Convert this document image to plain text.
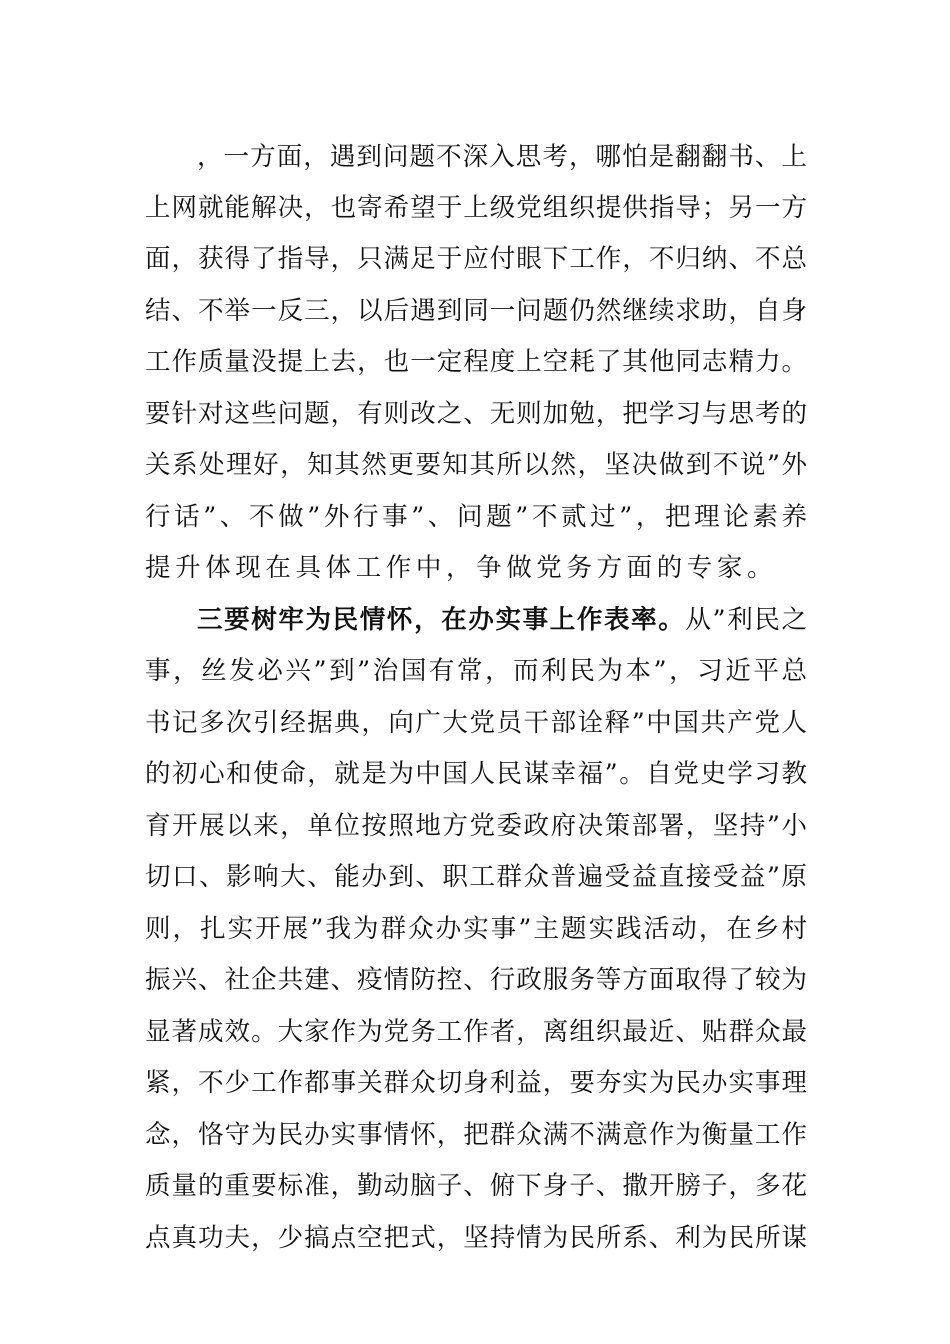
，一方面，遇到问题不深入思考，哪怕是翻翻书、上
上网就能解决，也寄希望于上级党组织提供指导；另一方
面，获得了指导，只满足于应付眼下工作，不归纳、不总
结、不举一反三，以后遇到同一问题仍然继续求助，自身
工作质量没提上去，也一定程度上空耗了其他同志精力。
要针对这些问题，有则改之、无则加勉，把学习与思考的
关系处理好，知其然更要知其所以然，坚决做到不说”外
行话”、不做”外行事”、问题”不贰过”，把理论素养
提升体现在具体工作中，争做党务方面的专家。
三要树牢为民情怀，在办实事上作表率。从”利民之
事，丝发必兴”到”治国有常，而利民为本”，习近平总
书记多次引经据典，向广大党员干部诠释”中国共产党人
的初心和使命，就是为中国人民谋幸福”。自党史学习教
育开展以来，单位按照地方党委政府决策部署，坚持”小
切口、影响大、能办到、职工群众普遍受益直接受益”原
则，扎实开展”我为群众办实事”主题实践活动，在乡村
振兴、社企共建、疫情防控、行政服务等方面取得了较为
显著成效。大家作为党务工作者，离组织最近、贴群众最
紧，不少工作都事关群众切身利益，要夯实为民办实事理
念，恪守为民办实事情怀，把群众满不满意作为衡量工作
质量的重要标准，勤动脑子、俯下身子、撒开膀子，多花
点真功夫，少搞点空把式，坚持情为民所系、利为民所谋
